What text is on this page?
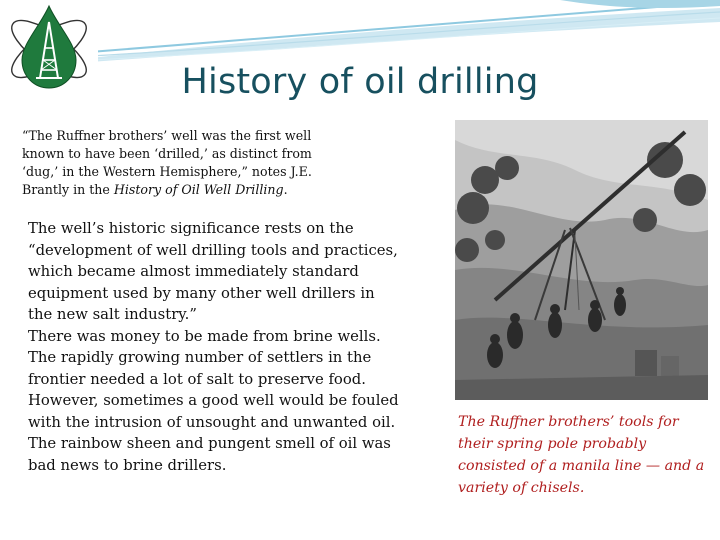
History of oil drilling
“The Ruffner brothers’ well was the first well known to have been ‘drilled,’ as distinct from ‘dug,’ in the Western Hemisphere,” notes J.E. Brantly in the History of Oil Well Drilling.

The well’s historic significance rests on the “development of well drilling tools and practices, which became almost immediately standard equipment used by many other well drillers in the new salt industry.”

There was money to be made from brine wells. The rapidly growing number of settlers in the frontier needed a lot of salt to preserve food. However, sometimes a good well would be fouled with the intrusion of unsought and unwanted oil. The rainbow sheen and pungent smell of oil was bad news to brine drillers.

The Ruffner brothers’ tools for their spring pole probably consisted of a manila line — and a variety of chisels.
